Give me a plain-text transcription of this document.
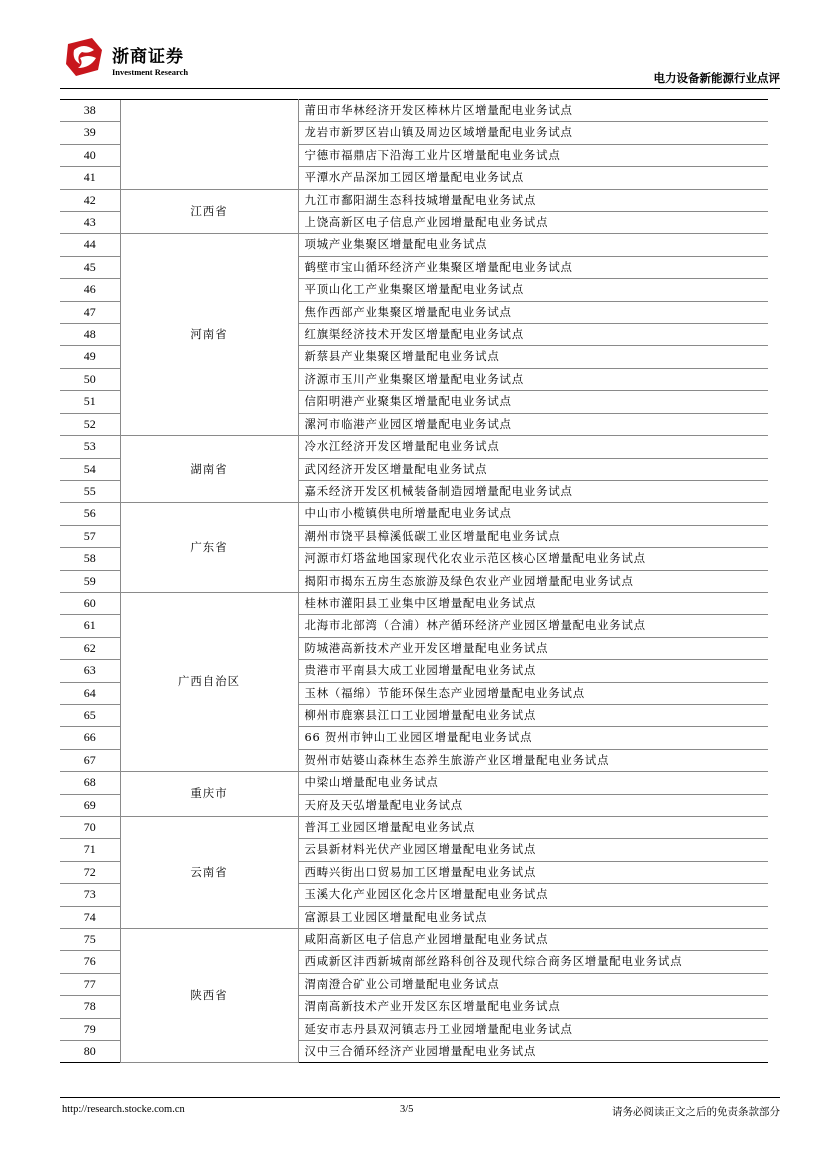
浙商证券
Investment Research	电力设备新能源行业点评
38		莆田市华林经济开发区棒林片区增量配电业务试点
39		龙岩市新罗区岩山镇及周边区域增量配电业务试点
40		宁德市福鼎店下沿海工业片区增量配电业务试点
41		平潭水产品深加工园区增量配电业务试点
42	江西省	九江市鄱阳湖生态科技城增量配电业务试点
43		上饶高新区电子信息产业园增量配电业务试点
44	河南省	项城产业集聚区增量配电业务试点
45		鹤壁市宝山循环经济产业集聚区增量配电业务试点
46		平顶山化工产业集聚区增量配电业务试点
47		焦作西部产业集聚区增量配电业务试点
48		红旗渠经济技术开发区增量配电业务试点
49		新蔡县产业集聚区增量配电业务试点
50		济源市玉川产业集聚区增量配电业务试点
51		信阳明港产业聚集区增量配电业务试点
52		漯河市临港产业园区增量配电业务试点
53	湖南省	冷水江经济开发区增量配电业务试点
54		武冈经济开发区增量配电业务试点
55		嘉禾经济开发区机械装备制造园增量配电业务试点
56	广东省	中山市小榄镇供电所增量配电业务试点
57		潮州市饶平县樟溪低碳工业区增量配电业务试点
58		河源市灯塔盆地国家现代化农业示范区核心区增量配电业务试点
59		揭阳市揭东五房生态旅游及绿色农业产业园增量配电业务试点
60	广西自治区	桂林市灌阳县工业集中区增量配电业务试点
61		北海市北部湾（合浦）林产循环经济产业园区增量配电业务试点
62		防城港高新技术产业开发区增量配电业务试点
63		贵港市平南县大成工业园增量配电业务试点
64		玉林（福绵）节能环保生态产业园增量配电业务试点
65		柳州市鹿寨县江口工业园增量配电业务试点
66		66 贺州市钟山工业园区增量配电业务试点
67		贺州市姑婆山森林生态养生旅游产业区增量配电业务试点
68	重庆市	中梁山增量配电业务试点
69		天府及天弘增量配电业务试点
70	云南省	普洱工业园区增量配电业务试点
71		云县新材料光伏产业园区增量配电业务试点
72		西畴兴街出口贸易加工区增量配电业务试点
73		玉溪大化产业园区化念片区增量配电业务试点
74		富源县工业园区增量配电业务试点
75	陕西省	咸阳高新区电子信息产业园增量配电业务试点
76		西咸新区沣西新城南部丝路科创谷及现代综合商务区增量配电业务试点
77		渭南澄合矿业公司增量配电业务试点
78		渭南高新技术产业开发区东区增量配电业务试点
79		延安市志丹县双河镇志丹工业园增量配电业务试点
80		汉中三合循环经济产业园增量配电业务试点
http://research.stocke.com.cn	3/5	请务必阅读正文之后的免责条款部分
